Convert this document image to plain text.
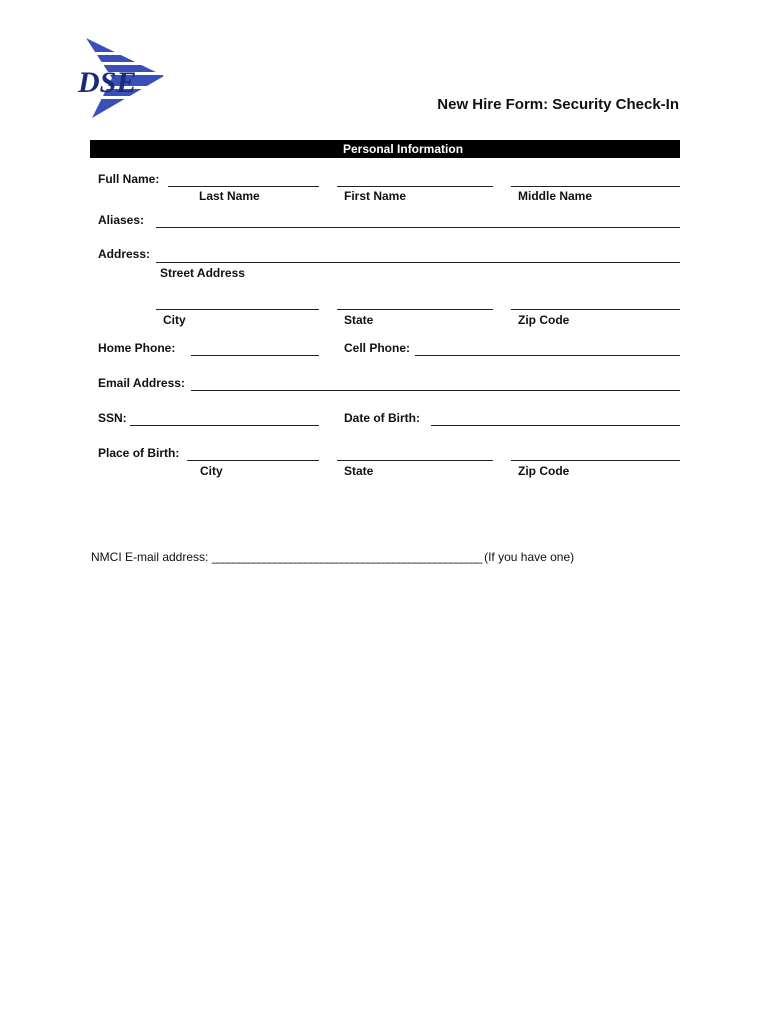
DSE
New Hire Form: Security Check-In
Personal Information
Full Name:
Last Name	First Name	Middle Name
Aliases:
Address:
Street Address
City	State	Zip Code
Home Phone:	Cell Phone:
Email Address:
SSN:	Date of Birth:
Place of Birth:
City	State	Zip Code
NMCI E-mail address: ____________________________________________________ (If you have one)
